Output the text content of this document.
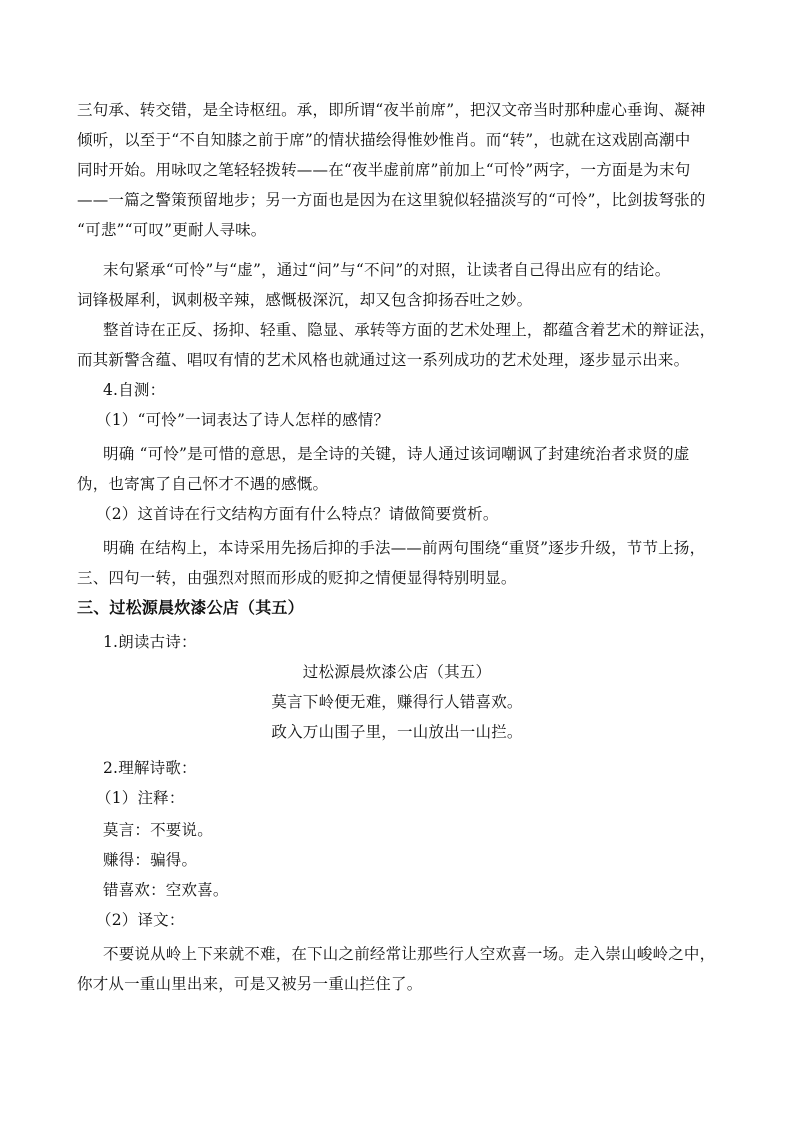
三句承、转交错，是全诗枢纽。承，即所谓“夜半前席”，把汉文帝当时那种虚心垂询、凝神
倾听，以至于“不自知膝之前于席”的情状描绘得惟妙惟肖。而“转”，也就在这戏剧高潮中
同时开始。用咏叹之笔轻轻拨转——在“夜半虚前席”前加上“可怜”两字，一方面是为末句
——一篇之警策预留地步；另一方面也是因为在这里貌似轻描淡写的“可怜”，比剑拔弩张的
“可悲”“可叹”更耐人寻味。
末句紧承“可怜”与“虚”，通过“问”与“不问”的对照，让读者自己得出应有的结论。
词锋极犀利，讽刺极辛辣，感慨极深沉，却又包含抑扬吞吐之妙。
整首诗在正反、扬抑、轻重、隐显、承转等方面的艺术处理上，都蕴含着艺术的辩证法，
而其新警含蕴、唱叹有情的艺术风格也就通过这一系列成功的艺术处理，逐步显示出来。
4.自测：
（1）“可怜”一词表达了诗人怎样的感情？
明确 “可怜”是可惜的意思，是全诗的关键，诗人通过该词嘲讽了封建统治者求贤的虚
伪，也寄寓了自己怀才不遇的感慨。
（2）这首诗在行文结构方面有什么特点？请做简要赏析。
明确 在结构上，本诗采用先扬后抑的手法——前两句围绕“重贤”逐步升级，节节上扬，
三、四句一转，由强烈对照而形成的贬抑之情便显得特别明显。
三、过松源晨炊漆公店（其五）
1.朗读古诗：
过松源晨炊漆公店（其五）
莫言下岭便无难，赚得行人错喜欢。
政入万山围子里，一山放出一山拦。
2.理解诗歌：
（1）注释：
莫言：不要说。
赚得：骗得。
错喜欢：空欢喜。
（2）译文：
不要说从岭上下来就不难，在下山之前经常让那些行人空欢喜一场。走入崇山峻岭之中，
你才从一重山里出来，可是又被另一重山拦住了。
